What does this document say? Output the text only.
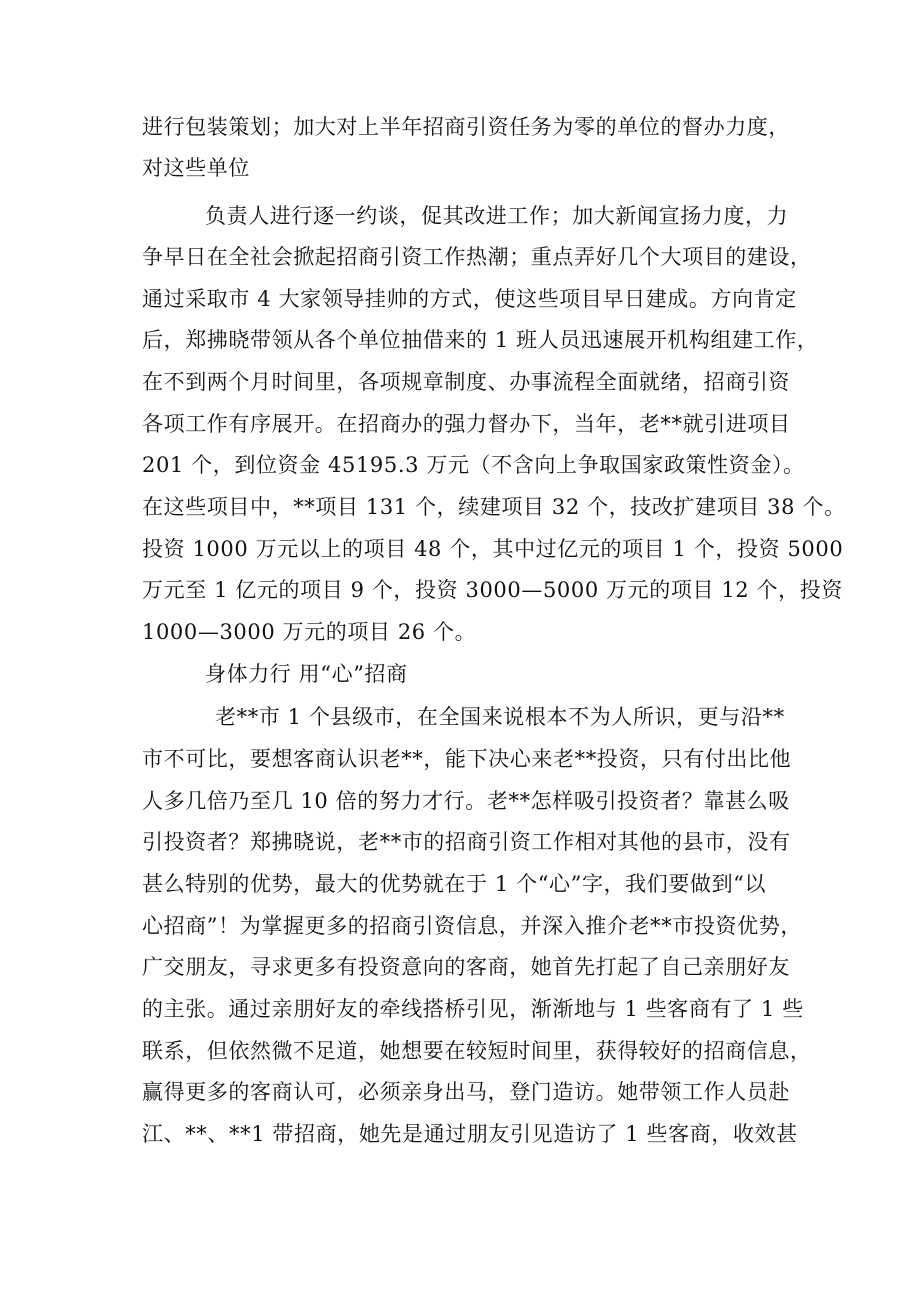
进行包装策划；加大对上半年招商引资任务为零的单位的督办力度，
对这些单位
负责人进行逐一约谈，促其改进工作；加大新闻宣扬力度，力
争早日在全社会掀起招商引资工作热潮；重点弄好几个大项目的建设，
通过采取市 4 大家领导挂帅的方式，使这些项目早日建成。方向肯定
后，郑拂晓带领从各个单位抽借来的 1 班人员迅速展开机构组建工作，
在不到两个月时间里，各项规章制度、办事流程全面就绪，招商引资
各项工作有序展开。在招商办的强力督办下，当年，老**就引进项目
201 个，到位资金 45195.3 万元（不含向上争取国家政策性资金）。
在这些项目中，**项目 131 个，续建项目 32 个，技改扩建项目 38 个。
投资 1000 万元以上的项目 48 个，其中过亿元的项目 1 个，投资 5000
万元至 1 亿元的项目 9 个，投资 3000—5000 万元的项目 12 个，投资
1000—3000 万元的项目 26 个。
身体力行 用“心”招商
老**市 1 个县级市，在全国来说根本不为人所识，更与沿**
市不可比，要想客商认识老**，能下决心来老**投资，只有付出比他
人多几倍乃至几 10 倍的努力才行。老**怎样吸引投资者？靠甚么吸
引投资者？郑拂晓说，老**市的招商引资工作相对其他的县市，没有
甚么特别的优势，最大的优势就在于 1 个“心”字，我们要做到“以
心招商”！为掌握更多的招商引资信息，并深入推介老**市投资优势，
广交朋友，寻求更多有投资意向的客商，她首先打起了自己亲朋好友
的主张。通过亲朋好友的牵线搭桥引见，渐渐地与 1 些客商有了 1 些
联系，但依然微不足道，她想要在较短时间里，获得较好的招商信息，
赢得更多的客商认可，必须亲身出马，登门造访。她带领工作人员赴
江、**、**1 带招商，她先是通过朋友引见造访了 1 些客商，收效甚
